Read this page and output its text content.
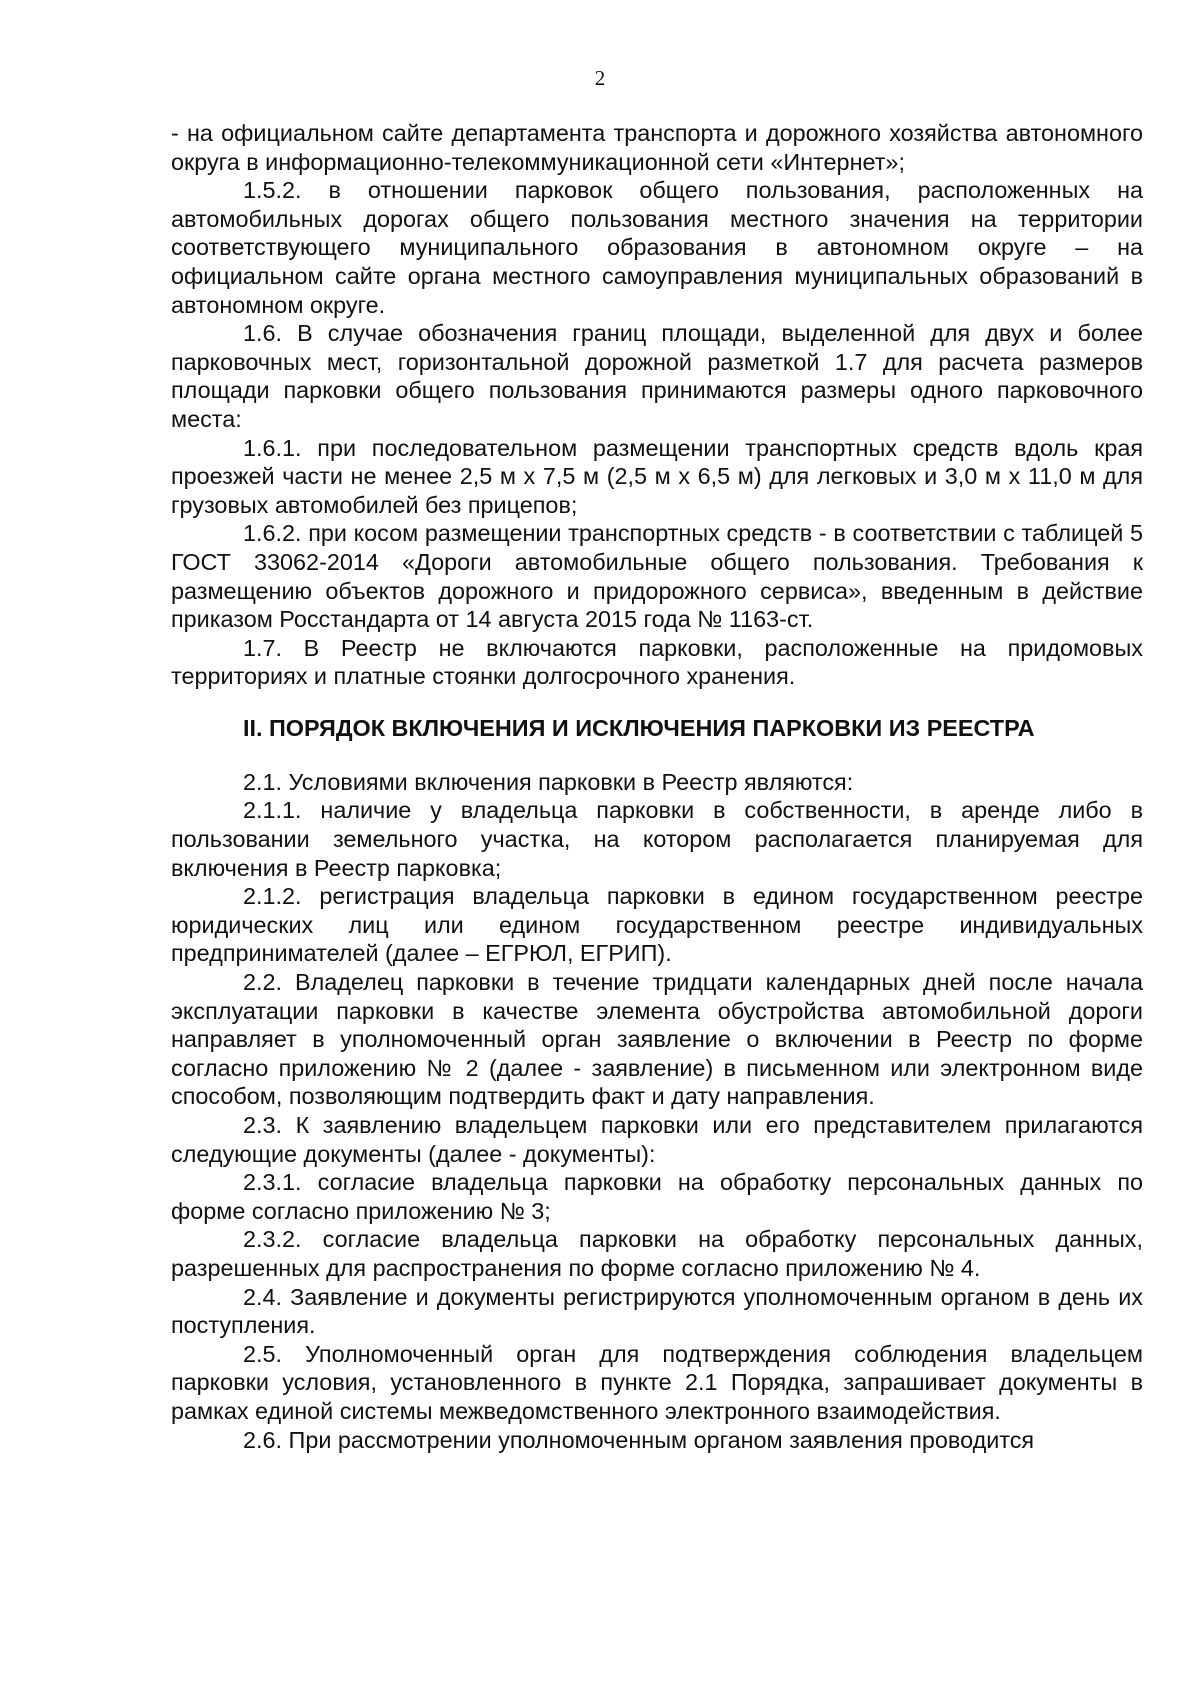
2

- на официальном сайте департамента транспорта и дорожного хозяйства автономного округа в информационно-телекоммуникационной сети «Интернет»;

1.5.2. в отношении парковок общего пользования, расположенных на автомобильных дорогах общего пользования местного значения на территории соответствующего муниципального образования в автономном округе – на официальном сайте органа местного самоуправления муниципальных образований в автономном округе.

1.6. В случае обозначения границ площади, выделенной для двух и более парковочных мест, горизонтальной дорожной разметкой 1.7 для расчета размеров площади парковки общего пользования принимаются размеры одного парковочного места:

1.6.1. при последовательном размещении транспортных средств вдоль края проезжей части не менее 2,5 м х 7,5 м (2,5 м х 6,5 м) для легковых и 3,0 м х 11,0 м для грузовых автомобилей без прицепов;

1.6.2. при косом размещении транспортных средств - в соответствии с таблицей 5 ГОСТ 33062-2014 «Дороги автомобильные общего пользования. Требования к размещению объектов дорожного и придорожного сервиса», введенным в действие приказом Росстандарта от 14 августа 2015 года № 1163-ст.

1.7. В Реестр не включаются парковки, расположенные на придомовых территориях и платные стоянки долгосрочного хранения.

II. ПОРЯДОК ВКЛЮЧЕНИЯ И ИСКЛЮЧЕНИЯ ПАРКОВКИ ИЗ РЕЕСТРА

2.1. Условиями включения парковки в Реестр являются:

2.1.1. наличие у владельца парковки в собственности, в аренде либо в пользовании земельного участка, на котором располагается планируемая для включения в Реестр парковка;

2.1.2. регистрация владельца парковки в едином государственном реестре юридических лиц или едином государственном реестре индивидуальных предпринимателей (далее – ЕГРЮЛ, ЕГРИП).

2.2. Владелец парковки в течение тридцати календарных дней после начала эксплуатации парковки в качестве элемента обустройства автомобильной дороги направляет в уполномоченный орган заявление о включении в Реестр по форме согласно приложению № 2 (далее - заявление) в письменном или электронном виде способом, позволяющим подтвердить факт и дату направления.

2.3. К заявлению владельцем парковки или его представителем прилагаются следующие документы (далее - документы):

2.3.1. согласие владельца парковки на обработку персональных данных по форме согласно приложению № 3;

2.3.2. согласие владельца парковки на обработку персональных данных, разрешенных для распространения по форме согласно приложению № 4.

2.4. Заявление и документы регистрируются уполномоченным органом в день их поступления.

2.5. Уполномоченный орган для подтверждения соблюдения владельцем парковки условия, установленного в пункте 2.1 Порядка, запрашивает документы в рамках единой системы межведомственного электронного взаимодействия.

2.6. При рассмотрении уполномоченным органом заявления проводится
